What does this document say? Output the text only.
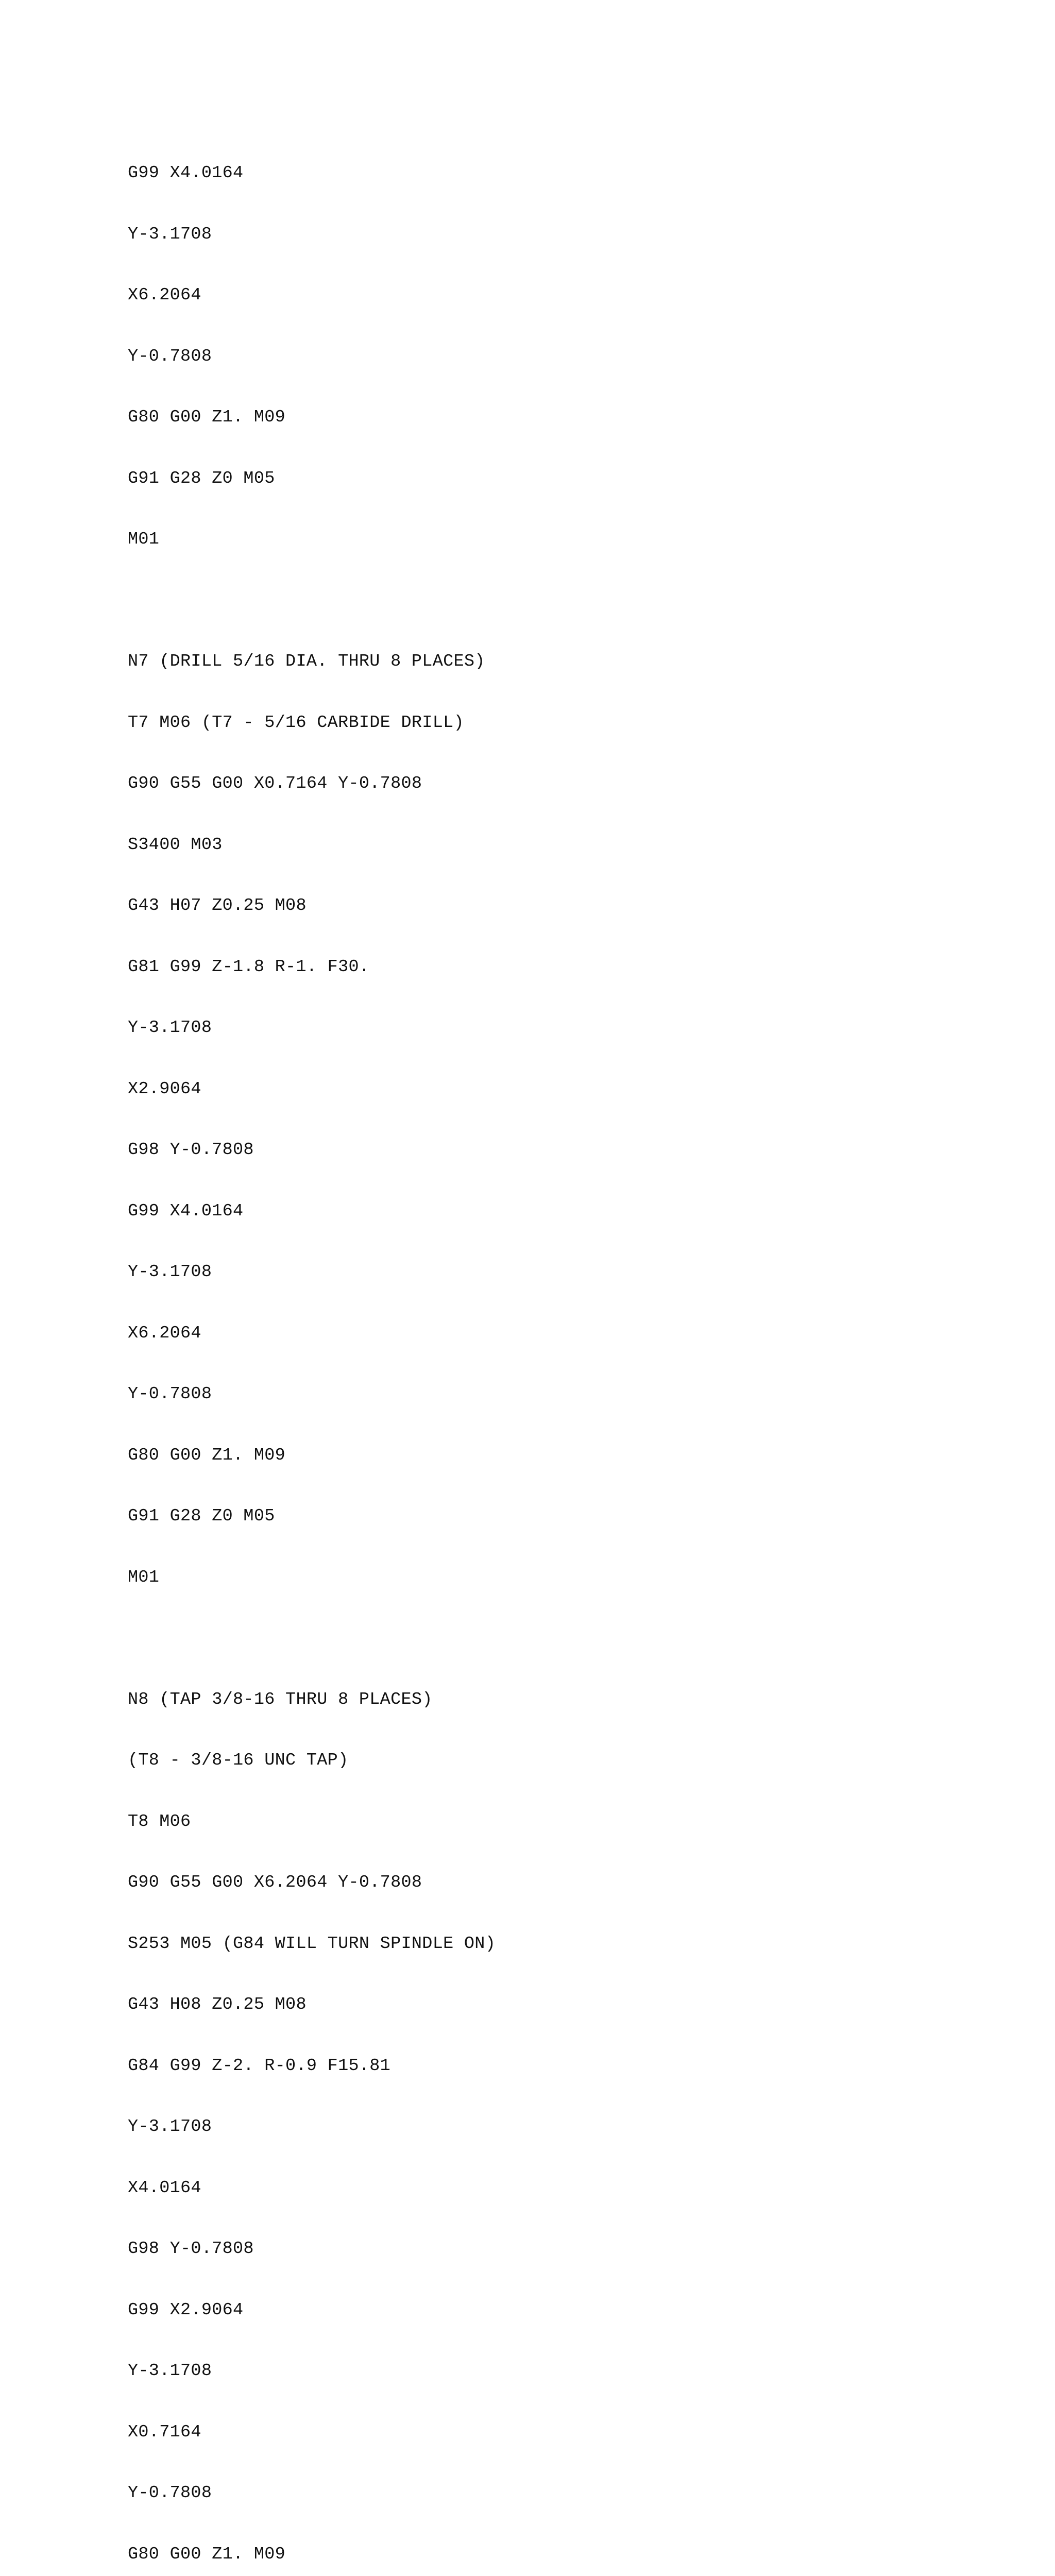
G99 X4.0164

Y-3.1708

X6.2064

Y-0.7808

G80 G00 Z1. M09

G91 G28 Z0 M05

M01

N7 (DRILL 5/16 DIA. THRU 8 PLACES)

T7 M06 (T7 - 5/16 CARBIDE DRILL)

G90 G55 G00 X0.7164 Y-0.7808

S3400 M03

G43 H07 Z0.25 M08

G81 G99 Z-1.8 R-1. F30.

Y-3.1708

X2.9064

G98 Y-0.7808

G99 X4.0164

Y-3.1708

X6.2064

Y-0.7808

G80 G00 Z1. M09

G91 G28 Z0 M05

M01

N8 (TAP 3/8-16 THRU 8 PLACES)

(T8 - 3/8-16 UNC TAP)

T8 M06

G90 G55 G00 X6.2064 Y-0.7808

S253 M05 (G84 WILL TURN SPINDLE ON)

G43 H08 Z0.25 M08

G84 G99 Z-2. R-0.9 F15.81

Y-3.1708

X4.0164

G98 Y-0.7808

G99 X2.9064

Y-3.1708

X0.7164

Y-0.7808

G80 G00 Z1. M09
